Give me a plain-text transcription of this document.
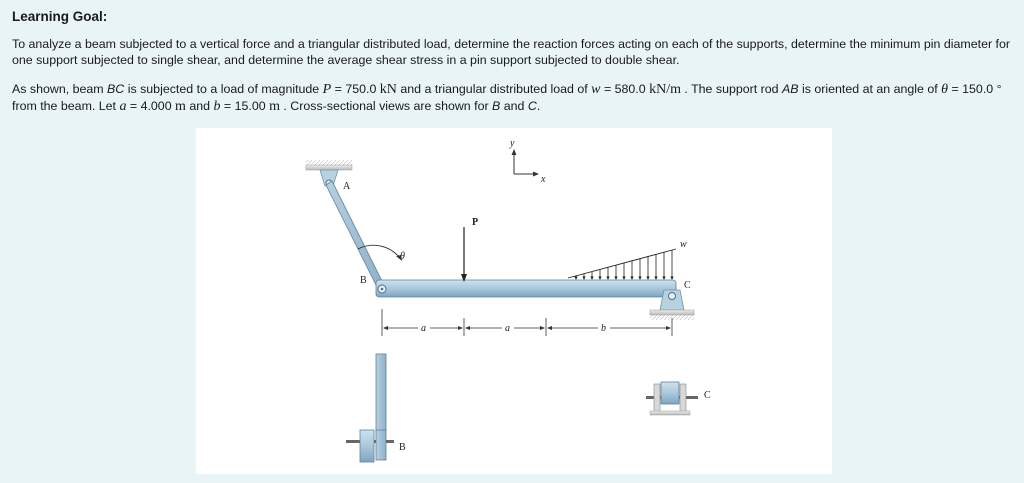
Learning Goal:
To analyze a beam subjected to a vertical force and a triangular distributed load, determine the reaction forces acting on each of the supports, determine the minimum pin diameter for one support subjected to single shear, and determine the average shear stress in a pin support subjected to double shear.
As shown, beam BC is subjected to a load of magnitude P = 750.0 kN and a triangular distributed load of w = 580.0 kN/m . The support rod AB is oriented at an angle of θ = 150.0 ° from the beam. Let a = 4.000 m and b = 15.00 m . Cross-sectional views are shown for B and C.
y
x
θ
P
w
C
A
B
a	a	b
B
C
